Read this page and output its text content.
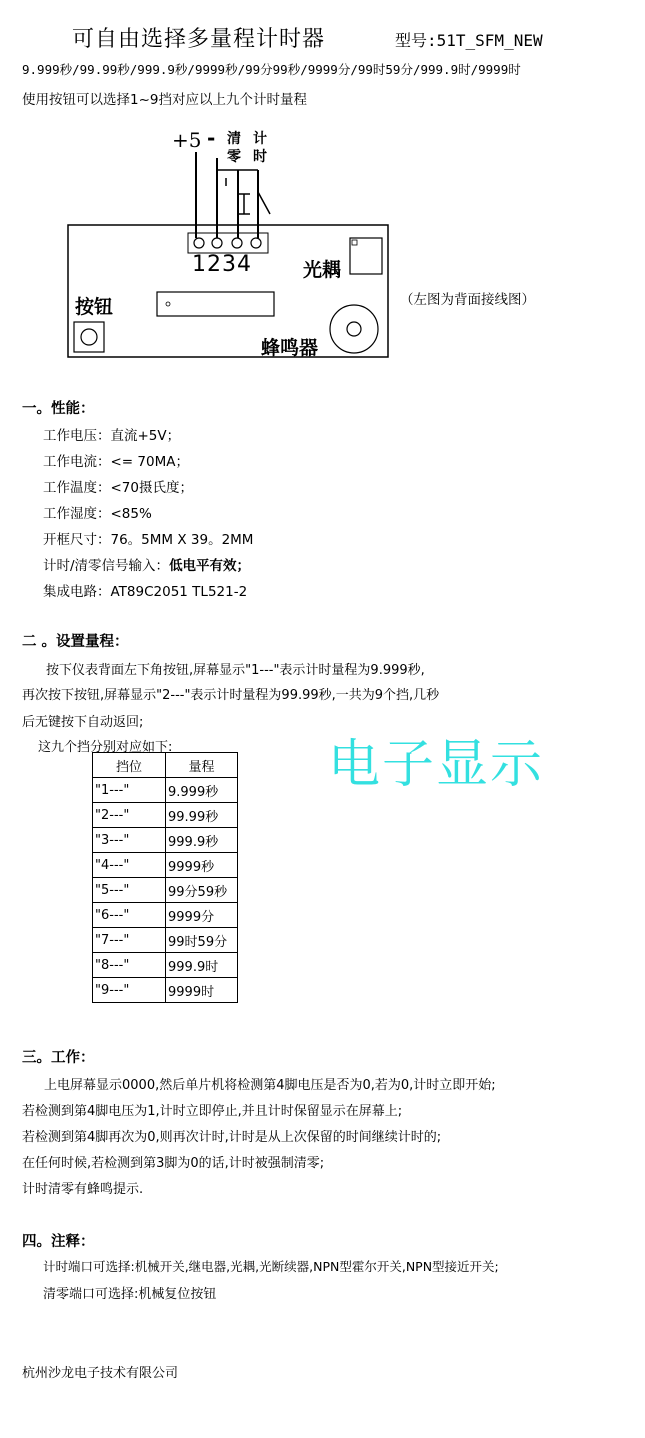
可自由选择多量程计时器	型号:51T_SFM_NEW
9.999秒/99.99秒/999.9秒/9999秒/99分99秒/9999分/99时59分/999.9时/9999时
使用按钮可以选择1~9挡对应以上九个计时量程
+5 - 清
零
计
时
1234	光耦
按钮
蜂鸣器
（左图为背面接线图）
一。性能：
工作电压：直流+5V；
工作电流：<= 70MA；
工作温度：<70摄氏度；
工作湿度：<85%
开框尺寸：76。5MM X 39。2MM
计时/清零信号输入：低电平有效；
集成电路：AT89C2051 TL521-2
二 。设置量程：
按下仪表背面左下角按钮,屏幕显示"1---"表示计时量程为9.999秒,
再次按下按钮,屏幕显示"2---"表示计时量程为99.99秒,一共为9个挡,几秒
后无键按下自动返回;
这九个挡分别对应如下:	电子显示
挡位	量程
"1---"	9.999秒
"2---"	99.99秒
"3---"	999.9秒
"4---"	9999秒
"5---"	99分59秒
"6---"	9999分
"7---"	99时59分
"8---"	999.9时
"9---"	9999时
三。工作：
上电屏幕显示0000,然后单片机将检测第4脚电压是否为0,若为0,计时立即开始;
若检测到第4脚电压为1,计时立即停止,并且计时保留显示在屏幕上;
若检测到第4脚再次为0,则再次计时,计时是从上次保留的时间继续计时的;
在任何时候,若检测到第3脚为0的话,计时被强制清零;
计时清零有蜂鸣提示.
四。注释：
计时端口可选择:机械开关,继电器,光耦,光断续器,NPN型霍尔开关,NPN型接近开关;
清零端口可选择:机械复位按钮
杭州沙龙电子技术有限公司
